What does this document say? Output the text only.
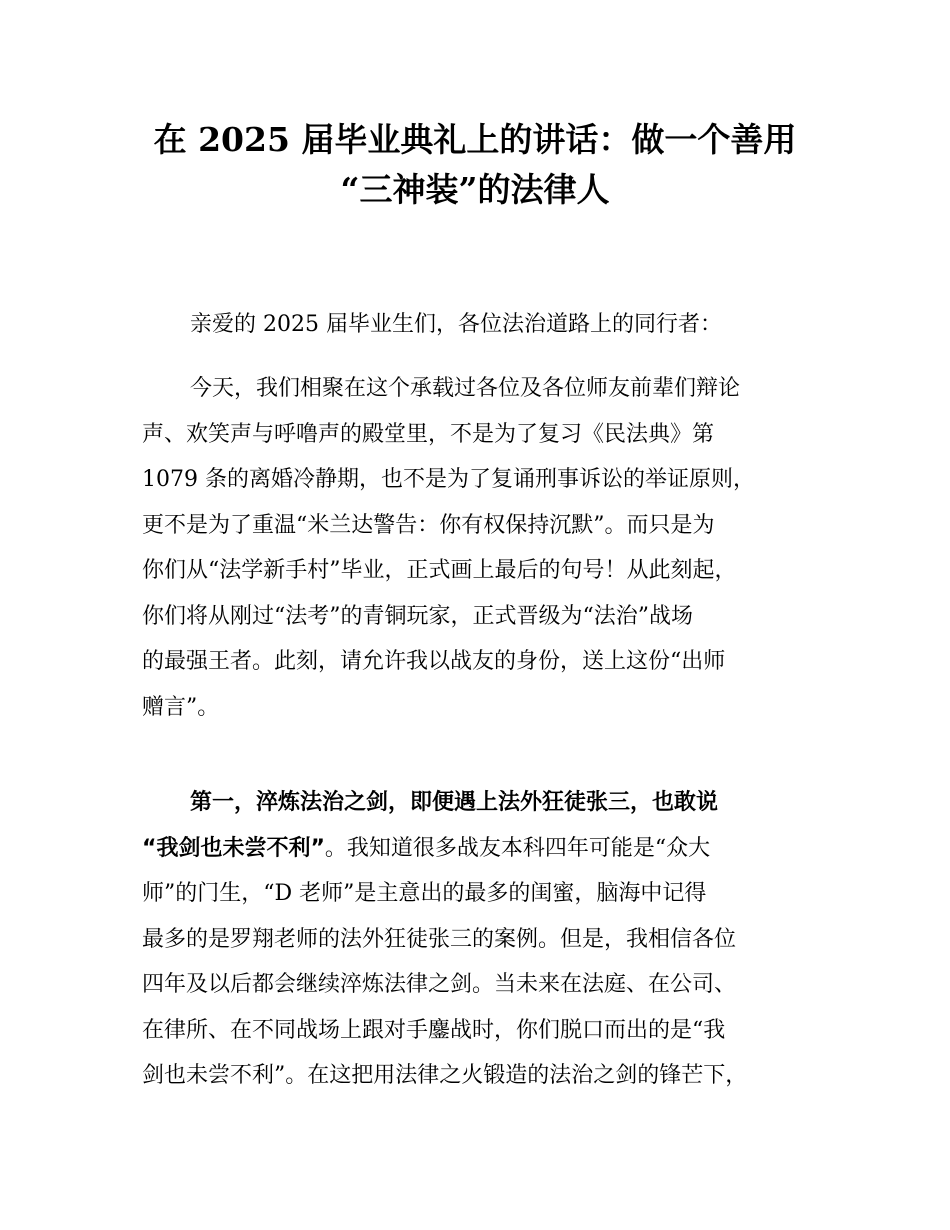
在 2025 届毕业典礼上的讲话：做一个善用
“三神装”的法律人

亲爱的 2025 届毕业生们，各位法治道路上的同行者：

今天，我们相聚在这个承载过各位及各位师友前辈们辩论
声、欢笑声与呼噜声的殿堂里，不是为了复习《民法典》第
1079 条的离婚冷静期，也不是为了复诵刑事诉讼的举证原则，
更不是为了重温“米兰达警告：你有权保持沉默”。而只是为
你们从“法学新手村”毕业，正式画上最后的句号！从此刻起，
你们将从刚过“法考”的青铜玩家，正式晋级为“法治”战场
的最强王者。此刻，请允许我以战友的身份，送上这份“出师
赠言”。
第一，淬炼法治之剑，即便遇上法外狂徒张三，也敢说
“我剑也未尝不利”。我知道很多战友本科四年可能是“众大
师”的门生，“D 老师”是主意出的最多的闺蜜，脑海中记得
最多的是罗翔老师的法外狂徒张三的案例。但是，我相信各位
四年及以后都会继续淬炼法律之剑。当未来在法庭、在公司、
在律所、在不同战场上跟对手鏖战时，你们脱口而出的是“我
剑也未尝不利”。在这把用法律之火锻造的法治之剑的锋芒下，
